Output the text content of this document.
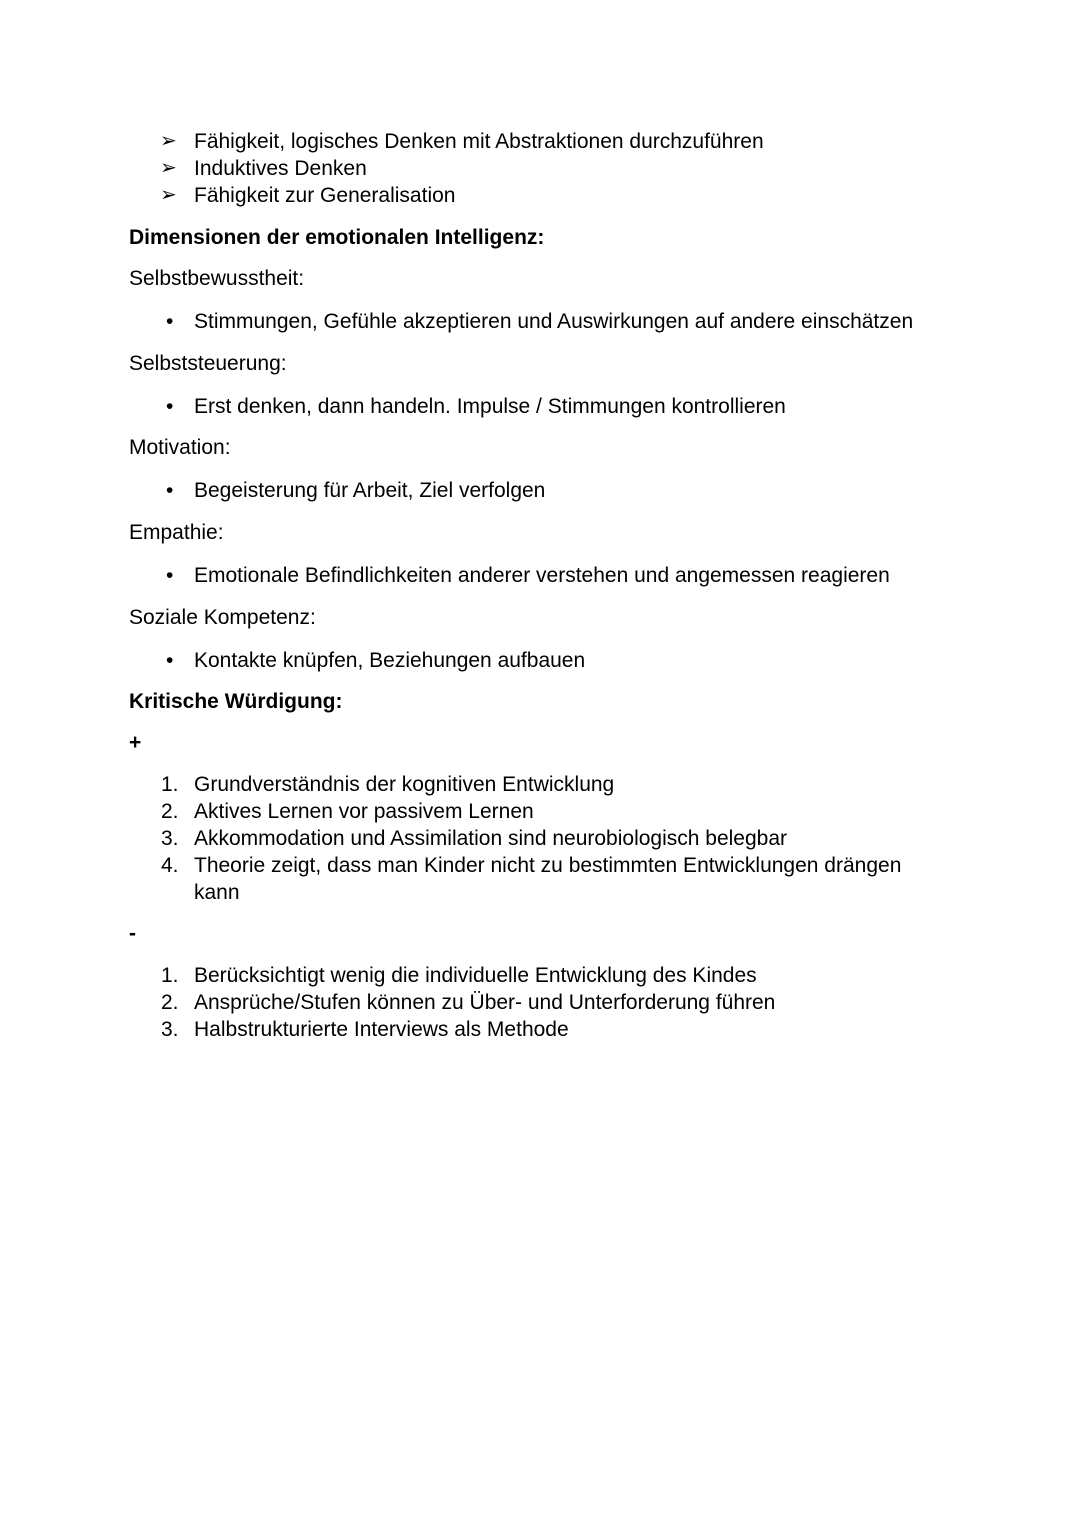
➢ Fähigkeit, logisches Denken mit Abstraktionen durchzuführen
➢ Induktives Denken
➢ Fähigkeit zur Generalisation
Dimensionen der emotionalen Intelligenz:
Selbstbewusstheit:
• Stimmungen, Gefühle akzeptieren und Auswirkungen auf andere einschätzen
Selbststeuerung:
• Erst denken, dann handeln. Impulse / Stimmungen kontrollieren
Motivation:
• Begeisterung für Arbeit, Ziel verfolgen
Empathie:
• Emotionale Befindlichkeiten anderer verstehen und angemessen reagieren
Soziale Kompetenz:
• Kontakte knüpfen, Beziehungen aufbauen
Kritische Würdigung:
+
1. Grundverständnis der kognitiven Entwicklung
2. Aktives Lernen vor passivem Lernen
3. Akkommodation und Assimilation sind neurobiologisch belegbar
4. Theorie zeigt, dass man Kinder nicht zu bestimmten Entwicklungen drängen kann
-
1. Berücksichtigt wenig die individuelle Entwicklung des Kindes
2. Ansprüche/Stufen können zu Über- und Unterforderung führen
3. Halbstrukturierte Interviews als Methode
